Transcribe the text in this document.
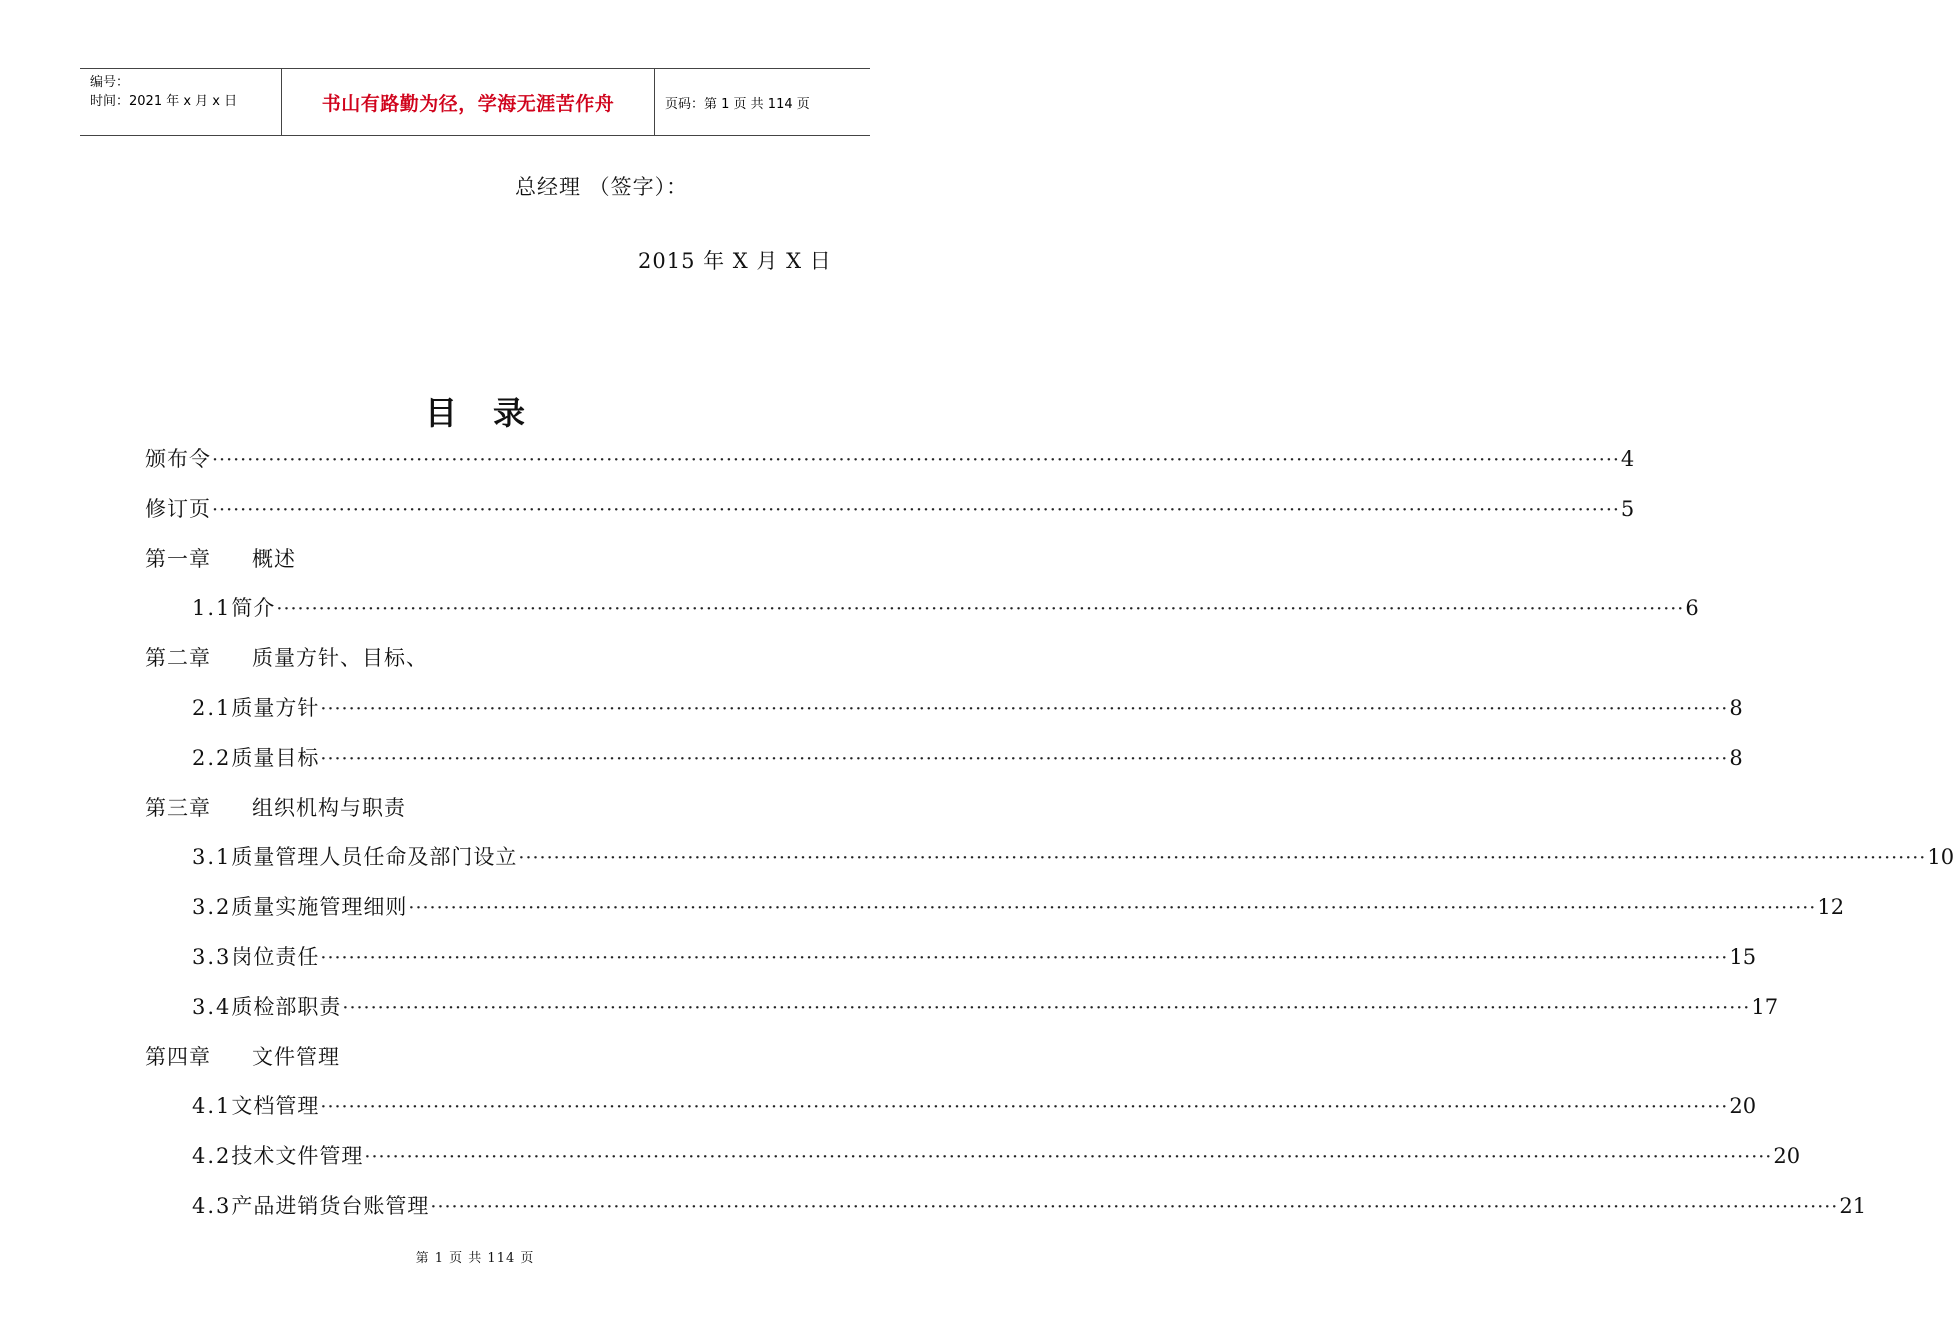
编号：
时间：2021 年 x 月 x 日	书山有路勤为径，学海无涯苦作舟	页码：第 1 页 共 114 页
总经理 （签字）：
2015 年 X 月 X 日
目录
颁布令 ········································································································································································································ 4
修订页 ········································································································································································································ 5
第一章	概述
1.1 简介 ········································································································································································································ 6
第二章	质量方针、目标、
2.1 质量方针 ········································································································································································································ 8
2.2 质量目标 ········································································································································································································ 8
第三章	组织机构与职责
3.1 质量管理人员任命及部门设立 ········································································································································································································ 10
3.2 质量实施管理细则 ········································································································································································································ 12
3.3 岗位责任 ········································································································································································································ 15
3.4 质检部职责 ········································································································································································································ 17
第四章	文件管理
4.1 文档管理 ········································································································································································································ 20
4.2 技术文件管理 ········································································································································································································ 20
4.3 产品进销货台账管理 ········································································································································································································ 21
第 1 页 共 114 页
